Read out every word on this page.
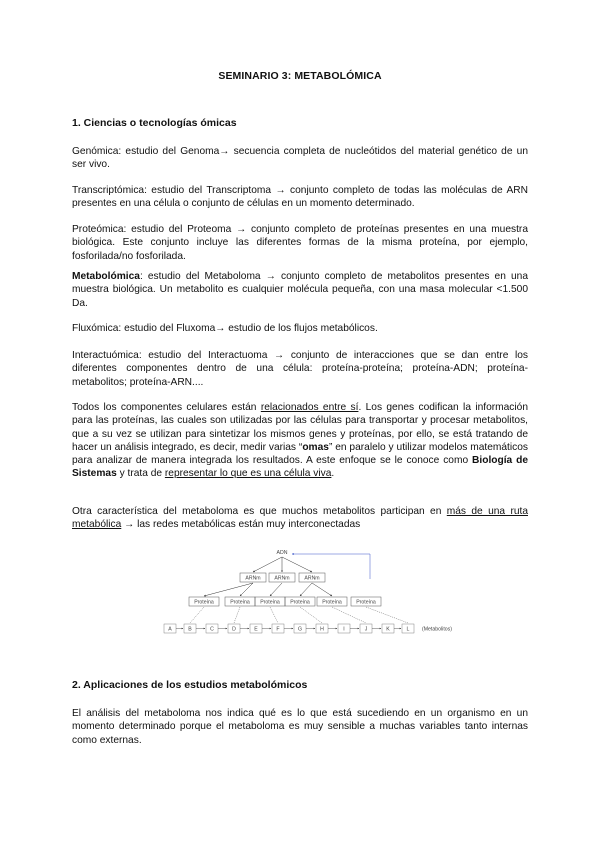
SEMINARIO 3: METABOLÓMICA
1. Ciencias o tecnologías ómicas

Genómica: estudio del Genoma→ secuencia completa de nucleótidos del material genético de un ser vivo.

Transcriptómica: estudio del Transcriptoma → conjunto completo de todas las moléculas de ARN presentes en una célula o conjunto de células en un momento determinado.

Proteómica: estudio del Proteoma → conjunto completo de proteínas presentes en una muestra biológica. Este conjunto incluye las diferentes formas de la misma proteína, por ejemplo, fosforilada/no fosforilada.

Metabolómica: estudio del Metaboloma → conjunto completo de metabolitos presentes en una muestra biológica. Un metabolito es cualquier molécula pequeña, con una masa molecular <1.500 Da.

Fluxómica: estudio del Fluxoma→ estudio de los flujos metabólicos.

Interactuómica: estudio del Interactuoma → conjunto de interacciones que se dan entre los diferentes componentes dentro de una célula: proteína-proteína; proteína-ADN; proteína-metabolitos; proteína-ARN....

Todos los componentes celulares están relacionados entre sí. Los genes codifican la información para las proteínas, las cuales son utilizadas por las células para transportar y procesar metabolitos, que a su vez se utilizan para sintetizar los mismos genes y proteínas, por ello, se está tratando de hacer un análisis integrado, es decir, medir varias “omas” en paralelo y utilizar modelos matemáticos para analizar de manera integrada los resultados. A este enfoque se le conoce como Biología de Sistemas y trata de representar lo que es una célula viva.

Otra característica del metaboloma es que muchos metabolitos participan en más de una ruta metabólica → las redes metabólicas están muy interconectadas

ADN
ARNm	ARNm	ARNm
Proteína	Proteína Proteína Proteína Proteína	Proteína
A	B	C	D	E	F	G	H	I	J	K	L (Metabolitos)
2. Aplicaciones de los estudios metabolómicos

El análisis del metaboloma nos indica qué es lo que está sucediendo en un organismo en un momento determinado porque el metaboloma es muy sensible a muchas variables tanto internas como externas.
